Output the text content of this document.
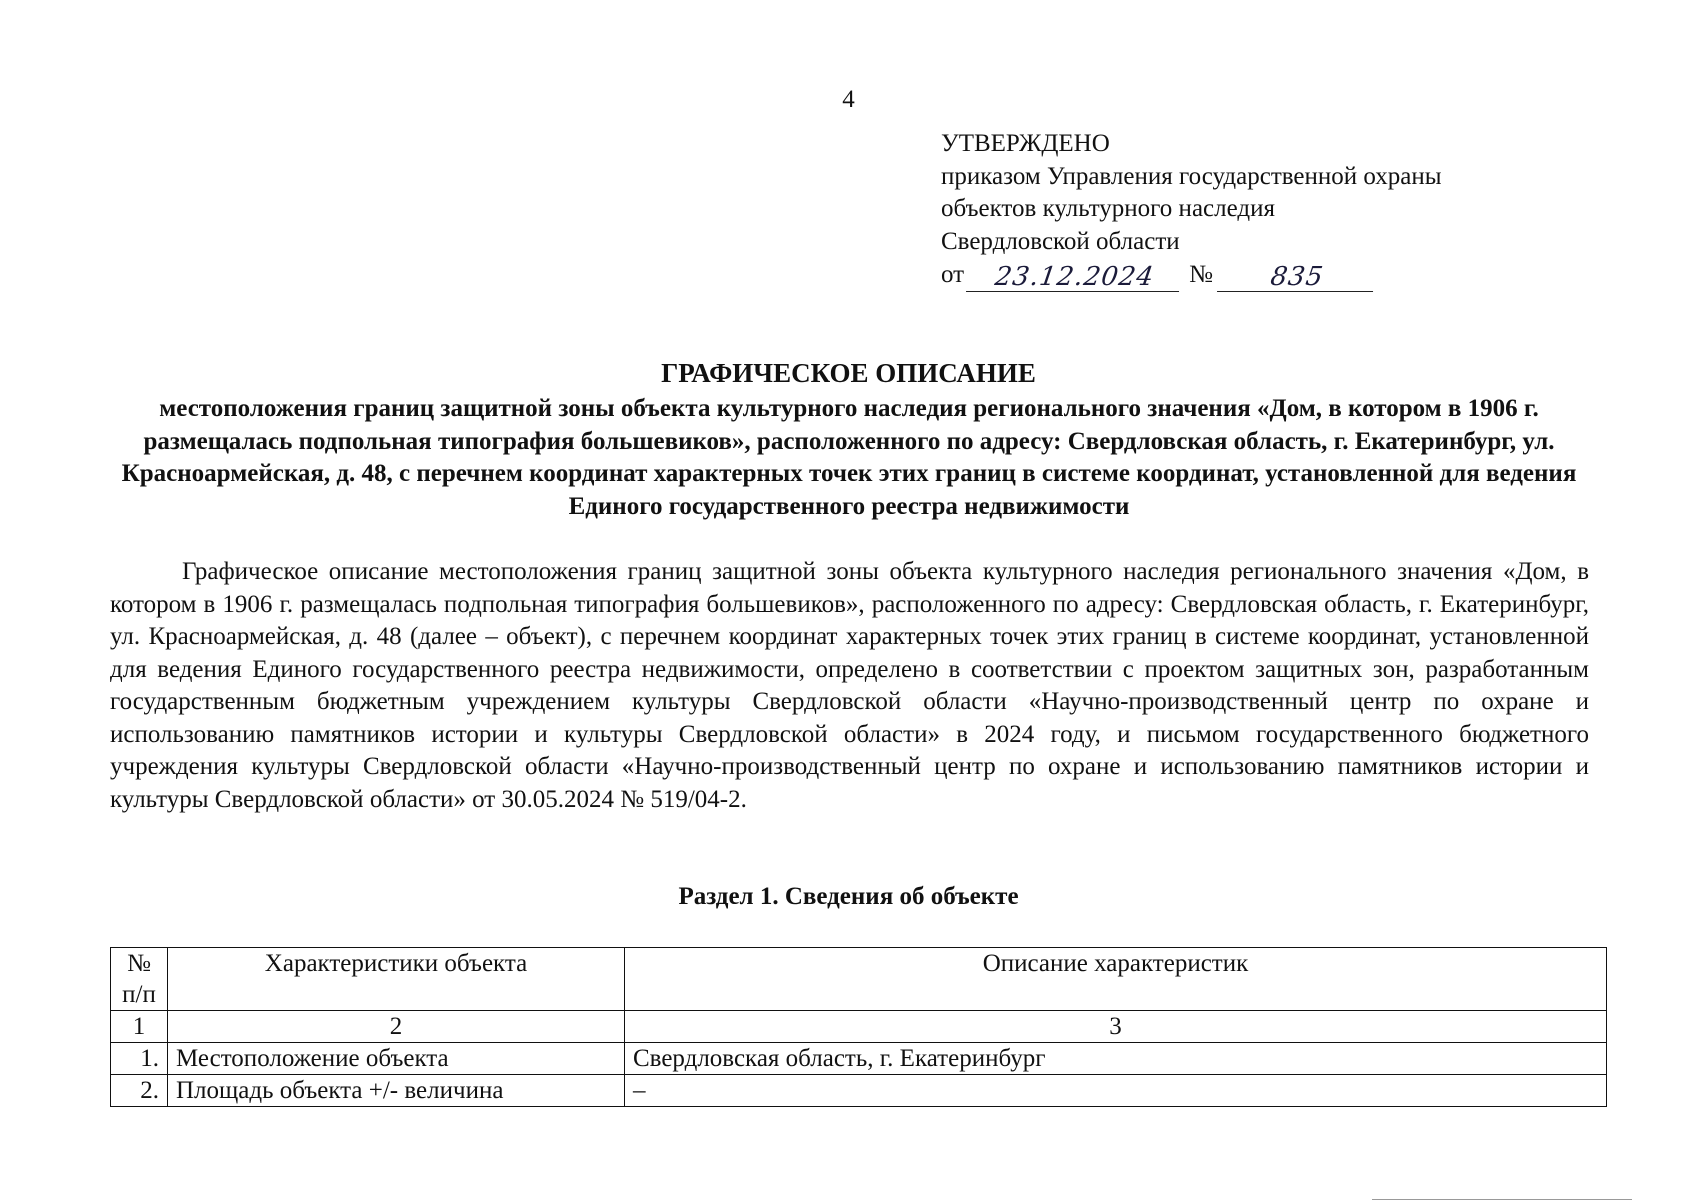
4
УТВЕРЖДЕНО
приказом Управления государственной охраны
объектов культурного наследия
Свердловской области
от	23.12.2024	№	835
ГРАФИЧЕСКОЕ ОПИСАНИЕ
местоположения границ защитной зоны объекта культурного наследия регионального значения «Дом, в котором в 1906 г. размещалась подпольная типография большевиков», расположенного по адресу: Свердловская область, г. Екатеринбург, ул. Красноармейская, д. 48, с перечнем координат характерных точек этих границ в системе координат, установленной для ведения Единого государственного реестра недвижимости
Графическое описание местоположения границ защитной зоны объекта культурного наследия регионального значения «Дом, в котором в 1906 г. размещалась подпольная типография большевиков», расположенного по адресу: Свердловская область, г. Екатеринбург, ул. Красноармейская, д. 48 (далее – объект), с перечнем координат характерных точек этих границ в системе координат, установленной для ведения Единого государственного реестра недвижимости, определено в соответствии с проектом защитных зон, разработанным государственным бюджетным учреждением культуры Свердловской области «Научно-производственный центр по охране и использованию памятников истории и культуры Свердловской области» в 2024 году, и письмом государственного бюджетного учреждения культуры Свердловской области «Научно-производственный центр по охране и использованию памятников истории и культуры Свердловской области» от 30.05.2024 № 519/04-2.
Раздел 1. Сведения об объекте
№
п/п	Характеристики объекта	Описание характеристик
1	2	3
1.	Местоположение объекта	Свердловская область, г. Екатеринбург
2.	Площадь объекта +/- величина	–
